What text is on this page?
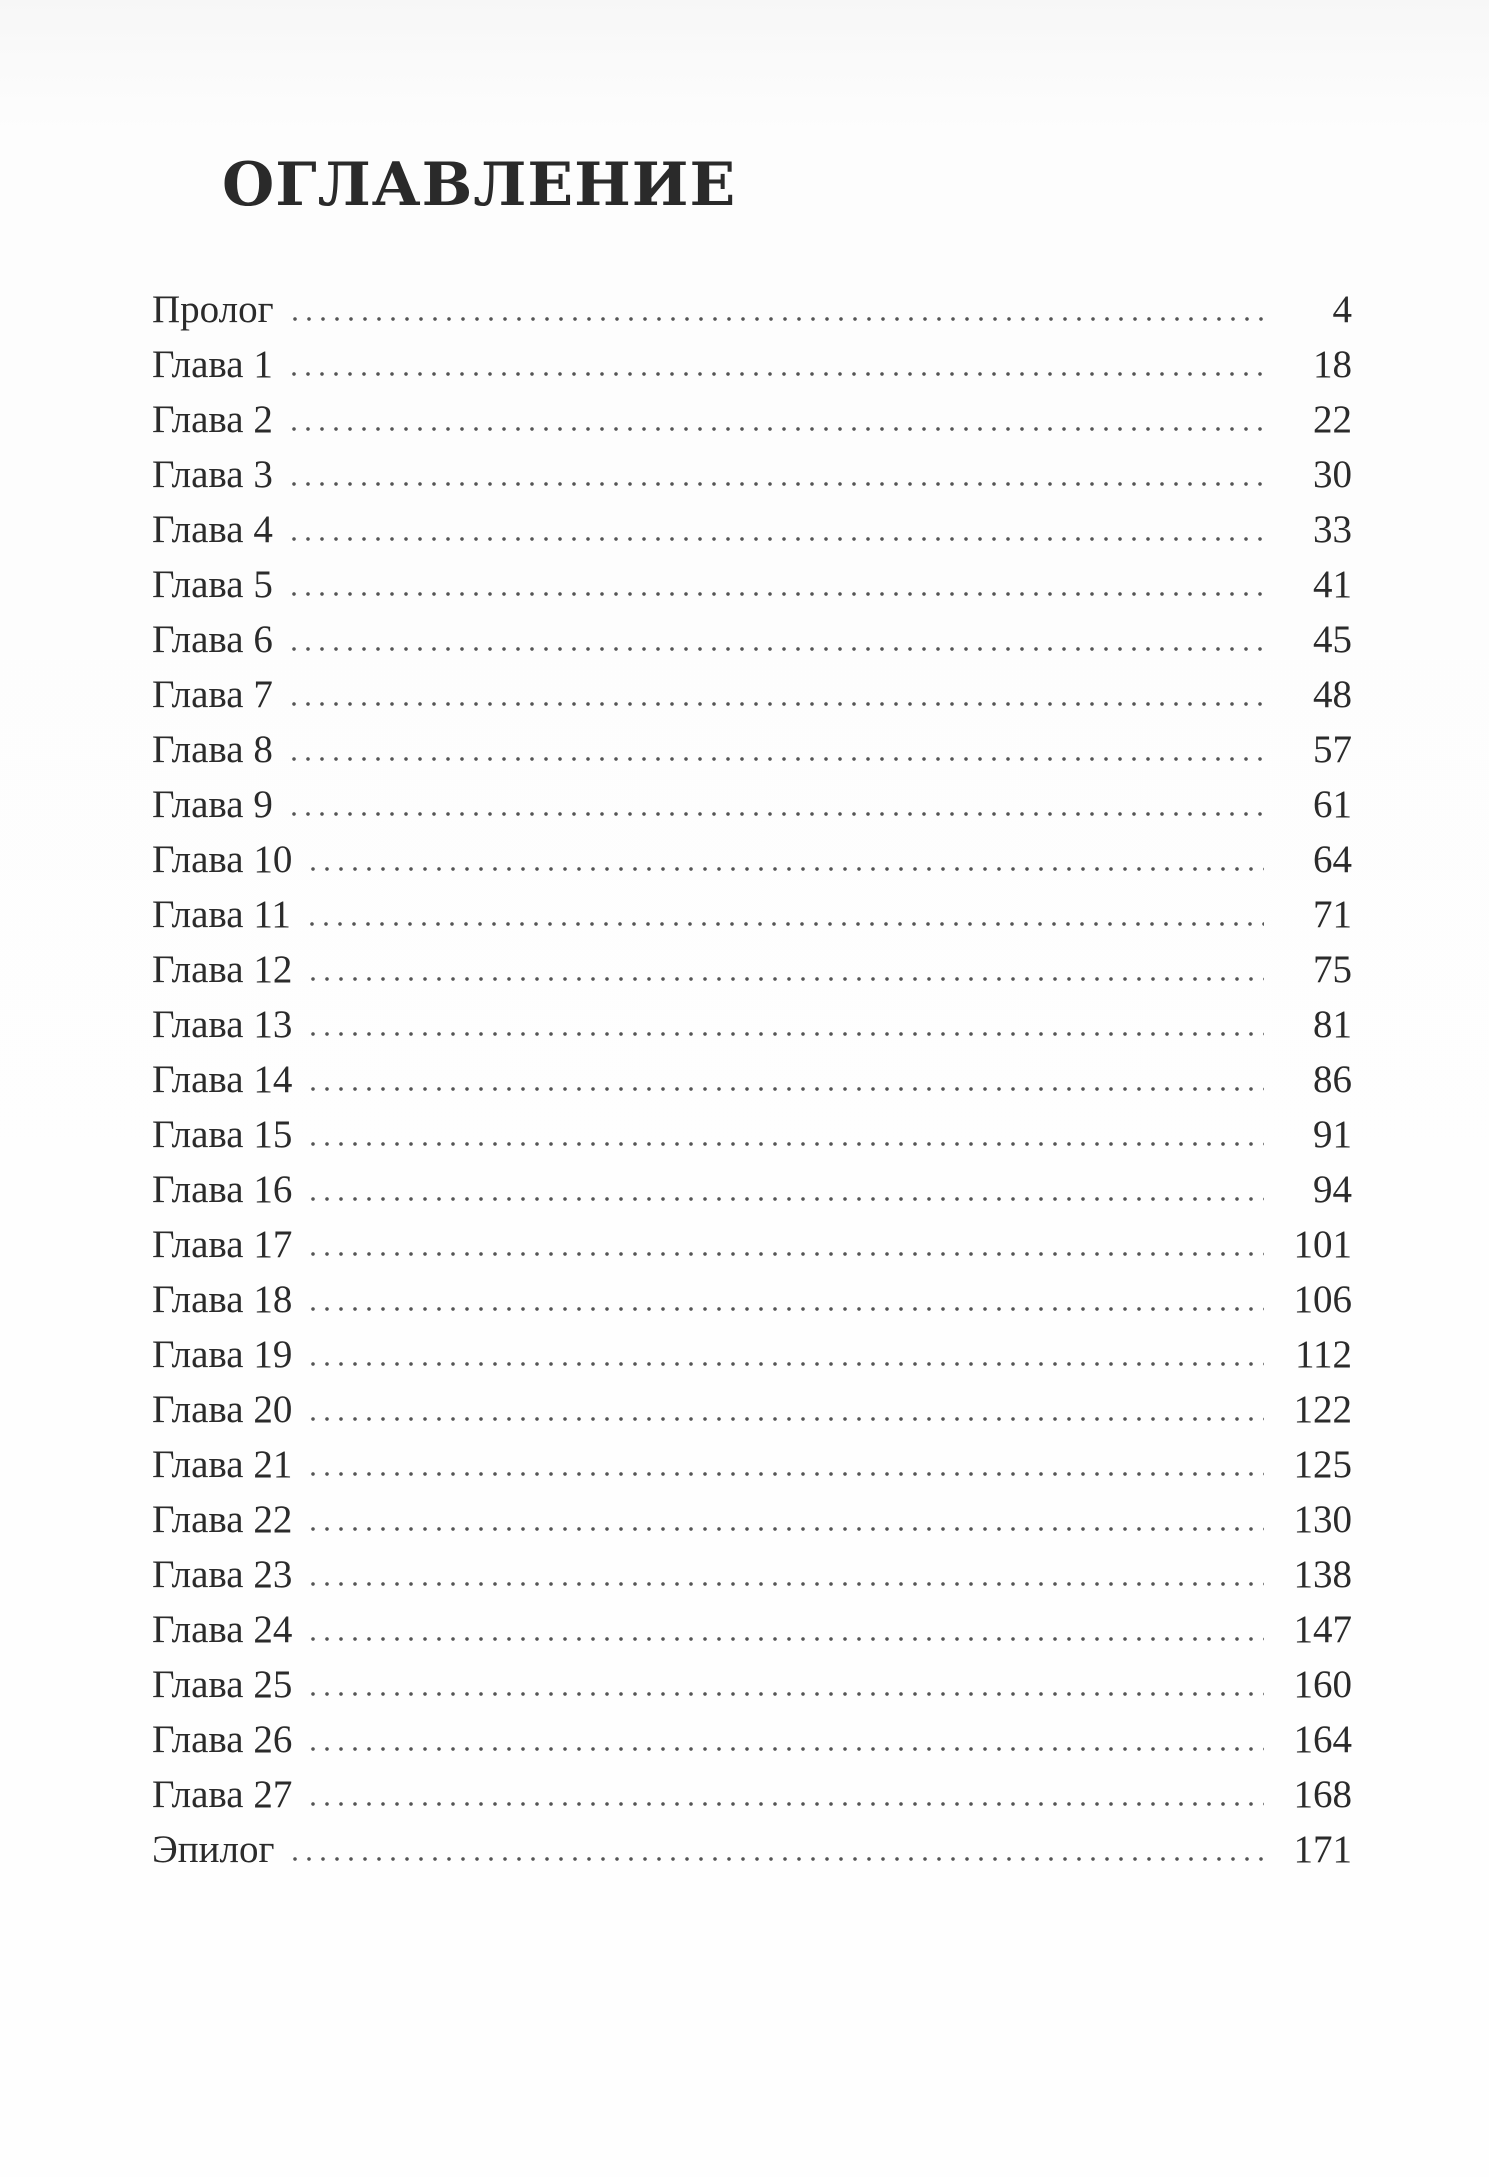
ОГЛАВЛЕНИЕ
Пролог	4
Глава 1	18
Глава 2	22
Глава 3	30
Глава 4	33
Глава 5	41
Глава 6	45
Глава 7	48
Глава 8	57
Глава 9	61
Глава 10	64
Глава 11	71
Глава 12	75
Глава 13	81
Глава 14	86
Глава 15	91
Глава 16	94
Глава 17	101
Глава 18	106
Глава 19	112
Глава 20	122
Глава 21	125
Глава 22	130
Глава 23	138
Глава 24	147
Глава 25	160
Глава 26	164
Глава 27	168
Эпилог	171
